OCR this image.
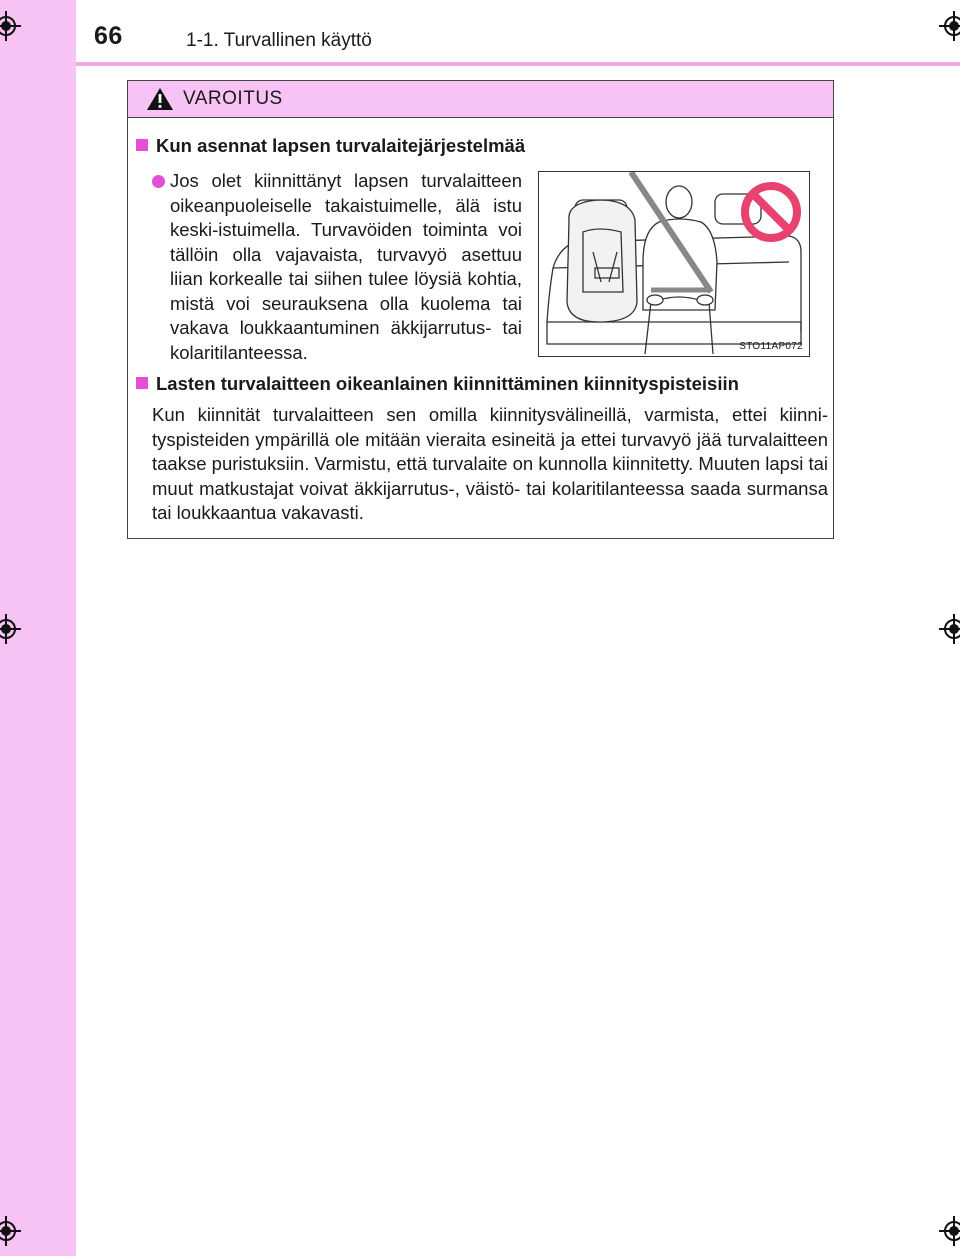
66	1-1. Turvallinen käyttö
VAROITUS
Kun asennat lapsen turvalaitejärjestelmää
Jos olet kiinnittänyt lapsen turvalaitteen oikeanpuoleiselle takaistuimelle, älä istu keski-istuimella. Turvavöiden toiminta voi tällöin olla vajavaista, turvavyö asettuu liian korkealle tai siihen tulee löysiä kohtia, mistä voi seurauksena olla kuolema tai vakava loukkaantuminen äkkijarrutus- tai kolaritilanteessa.	STO11AP072
Lasten turvalaitteen oikeanlainen kiinnittäminen kiinnityspisteisiin
Kun kiinnität turvalaitteen sen omilla kiinnitysvälineillä, varmista, ettei kiinnityspisteiden ympärillä ole mitään vieraita esineitä ja ettei turvavyö jää turvalaitteen taakse puristuksiin. Varmistu, että turvalaite on kunnolla kiinnitetty. Muuten lapsi tai muut matkustajat voivat äkkijarrutus-, väistö- tai kolaritilanteessa saada surmansa tai loukkaantua vakavasti.
